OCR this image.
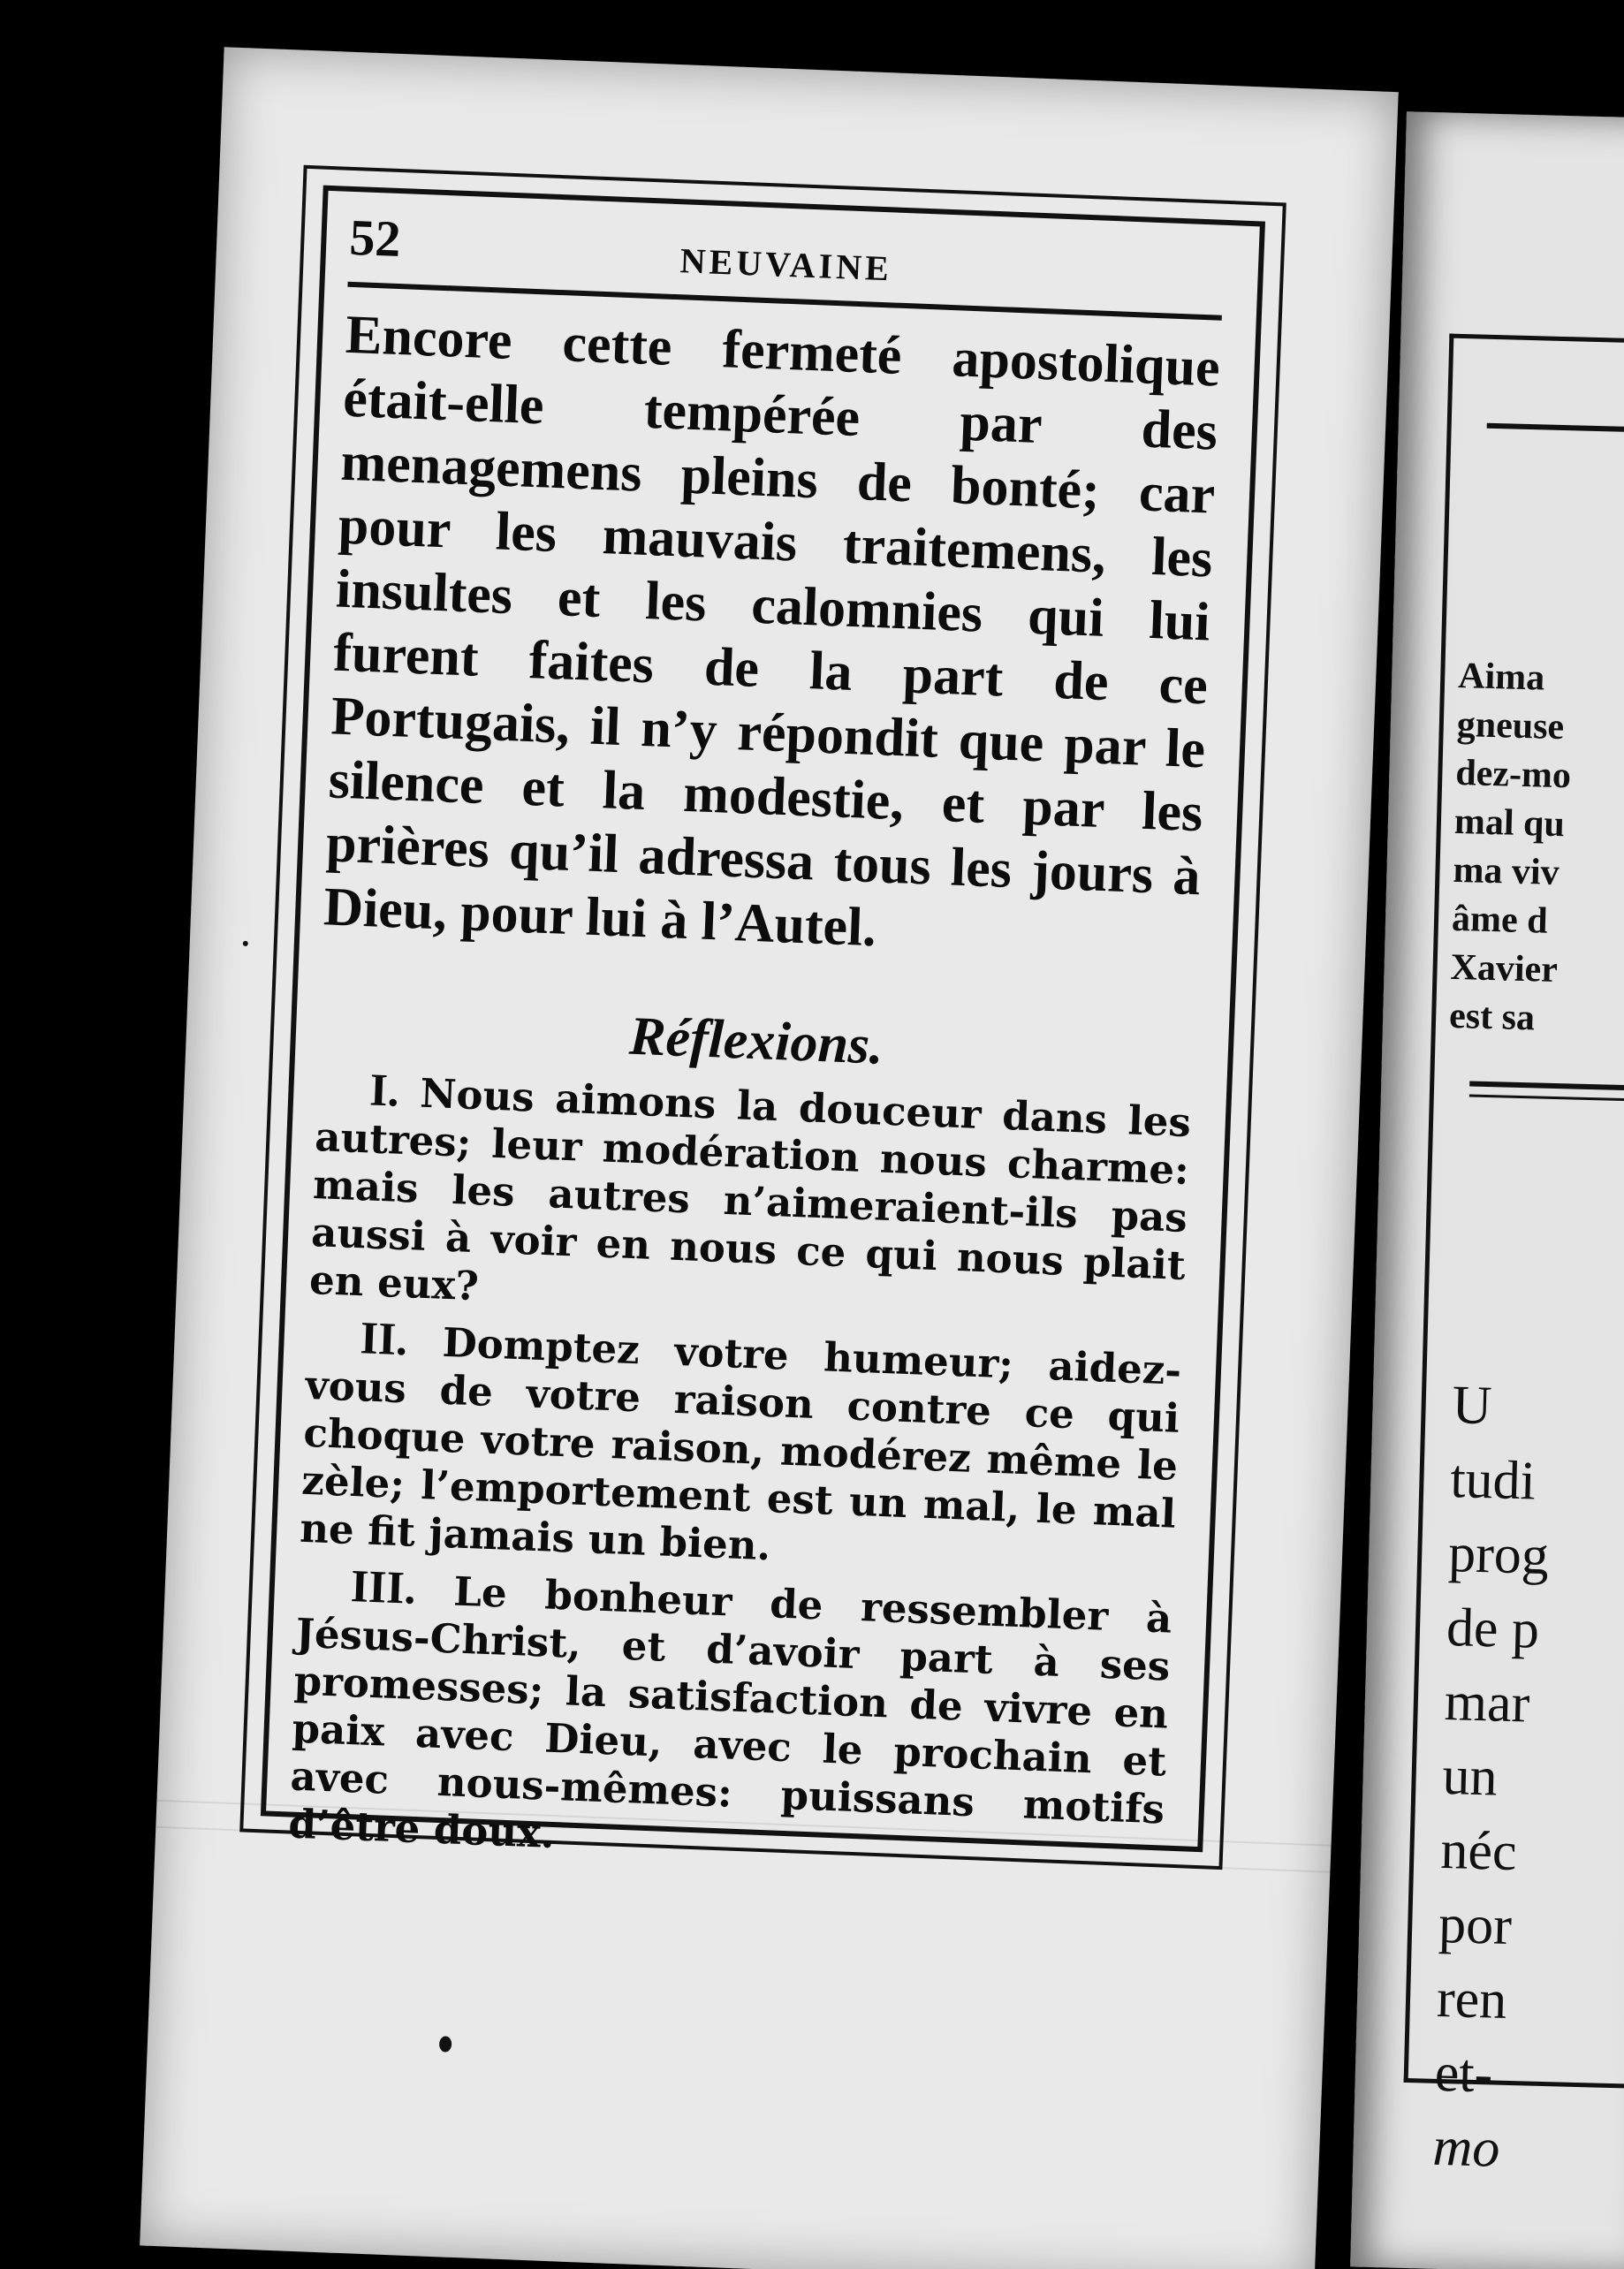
52	NEUVAINE

Encore cette fermeté apostolique était-elle tempérée par des menagemens pleins de bonté; car pour les mauvais traitemens, les insultes et les calomnies qui lui furent faites de la part de ce Portugais, il n’y répondit que par le silence et la modestie, et par les prières qu’il adressa tous les jours à Dieu, pour lui à l’Autel.

Réflexions.

I. Nous aimons la douceur dans les autres; leur modération nous charme: mais les autres n’aimeraient-ils pas aussi à voir en nous ce qui nous plait en eux?

II. Domptez votre humeur; aidez-vous de votre raison contre ce qui choque votre raison, modérez même le zèle; l’emportement est un mal, le mal ne fit jamais un bien.

III. Le bonheur de ressembler à Jésus-Christ, et d’avoir part à ses promesses; la satisfaction de vivre en paix avec Dieu, avec le prochain et avec nous-mêmes: puissans motifs d’être doux.

Aima
gneuse
dez-mo
mal qu
ma viv
âme d
Xavier
est sa
U
tudi
prog
de p
mar
un
néc
por
ren
et-
mo
